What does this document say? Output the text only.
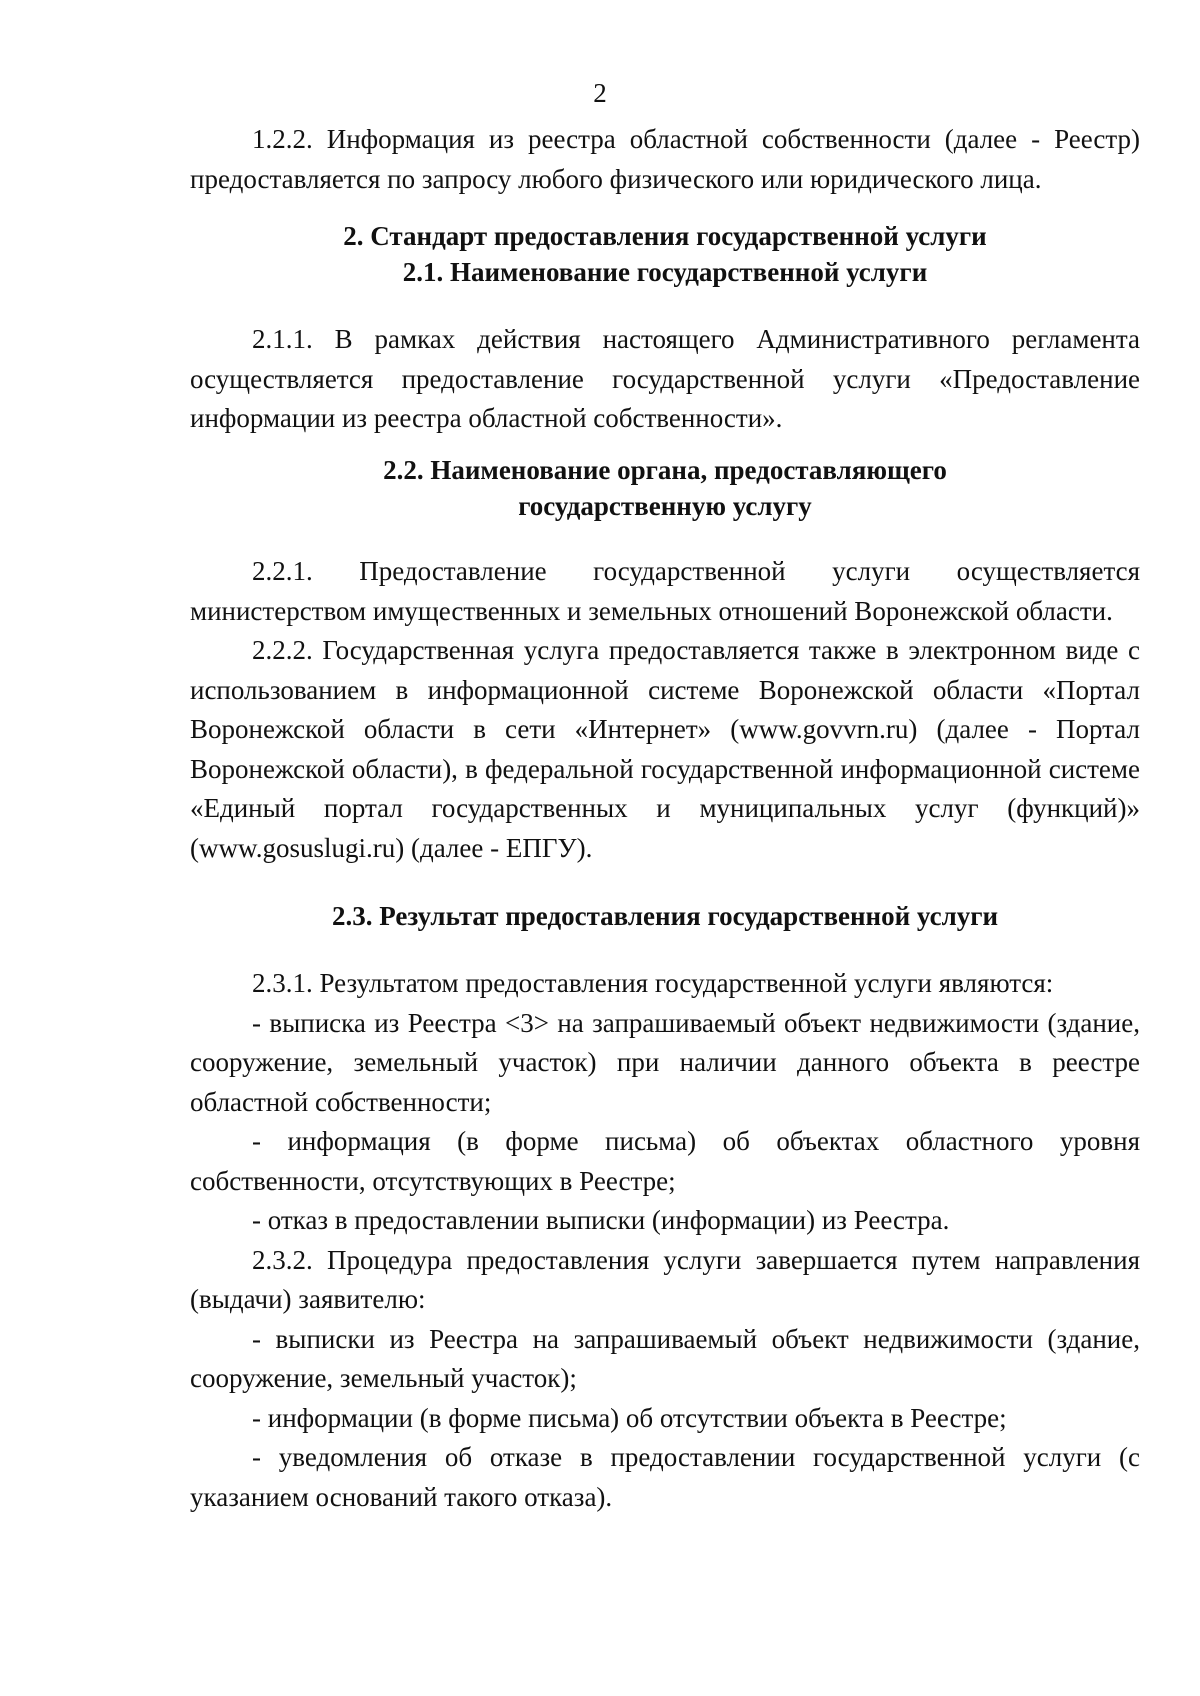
2

1.2.2. Информация из реестра областной собственности (далее - Реестр) предоставляется по запросу любого физического или юридического лица.

2. Стандарт предоставления государственной услуги

2.1. Наименование государственной услуги

2.1.1. В рамках действия настоящего Административного регламента осуществляется предоставление государственной услуги «Предоставление информации из реестра областной собственности».

2.2. Наименование органа, предоставляющего

государственную услугу

2.2.1. Предоставление государственной услуги осуществляется министерством имущественных и земельных отношений Воронежской области.

2.2.2. Государственная услуга предоставляется также в электронном виде с использованием в информационной системе Воронежской области «Портал Воронежской области в сети «Интернет» (www.govvrn.ru) (далее - Портал Воронежской области), в федеральной государственной информационной системе «Единый портал государственных и муниципальных услуг (функций)» (www.gosuslugi.ru) (далее - ЕПГУ).

2.3. Результат предоставления государственной услуги

2.3.1. Результатом предоставления государственной услуги являются:

- выписка из Реестра <3> на запрашиваемый объект недвижимости (здание, сооружение, земельный участок) при наличии данного объекта в реестре областной собственности;

- информация (в форме письма) об объектах областного уровня собственности, отсутствующих в Реестре;

- отказ в предоставлении выписки (информации) из Реестра.

2.3.2. Процедура предоставления услуги завершается путем направления (выдачи) заявителю:

- выписки из Реестра на запрашиваемый объект недвижимости (здание, сооружение, земельный участок);

- информации (в форме письма) об отсутствии объекта в Реестре;

- уведомления об отказе в предоставлении государственной услуги (с указанием оснований такого отказа).
